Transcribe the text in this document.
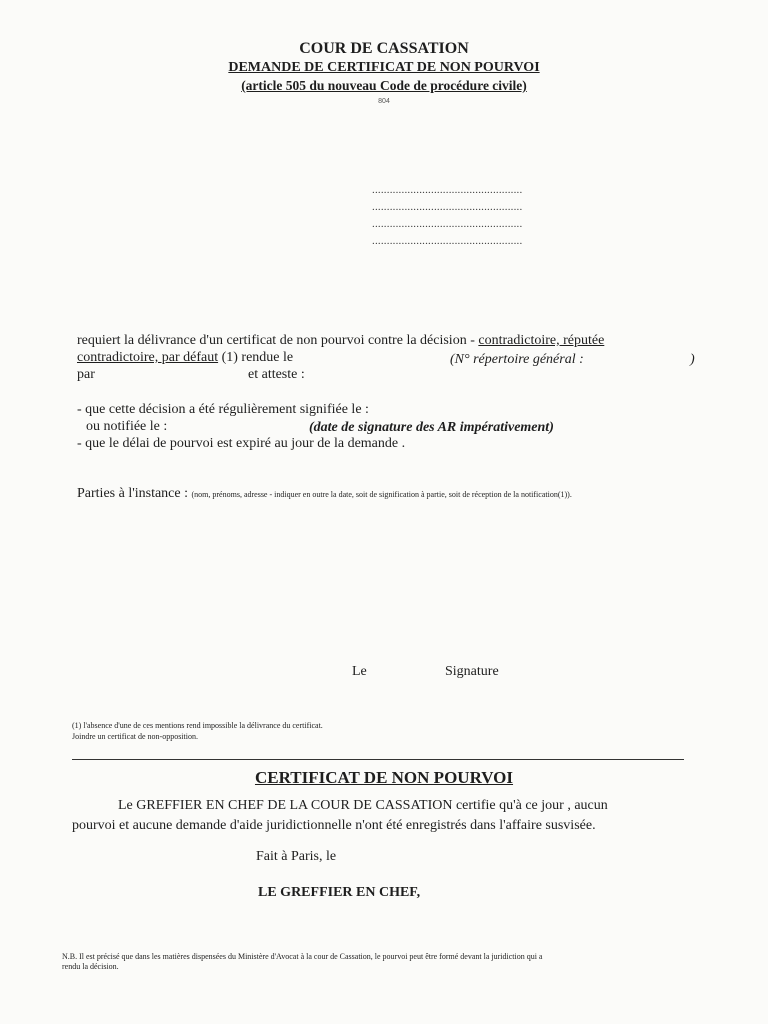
COUR DE CASSATION
DEMANDE DE CERTIFICAT DE NON POURVOI
(article 505 du nouveau Code de procédure civile)
804
...................................................
...................................................
...................................................
...................................................
requiert la délivrance d'un certificat de non pourvoi contre la décision - contradictoire, réputée
contradictoire, par défaut (1) rendue le	(N° répertoire général :	)
par	et atteste :
- que cette décision a été régulièrement signifiée le :
ou notifiée le :	(date de signature des AR impérativement)
- que le délai de pourvoi est expiré au jour de la demande .
Parties à l'instance : (nom, prénoms, adresse - indiquer en outre la date, soit de signification à partie, soit de réception de la notification(1)).
Le	Signature
(1) l'absence d'une de ces mentions rend impossible la délivrance du certificat.
Joindre un certificat de non-opposition.
CERTIFICAT DE NON POURVOI
Le GREFFIER EN CHEF DE LA COUR DE CASSATION certifie qu'à ce jour , aucun
pourvoi et aucune demande d'aide juridictionnelle n'ont été enregistrés dans l'affaire susvisée.
Fait à Paris, le
LE GREFFIER EN CHEF,
N.B. Il est précisé que dans les matières dispensées du Ministère d'Avocat à la cour de Cassation, le pourvoi peut être formé devant la juridiction qui a
rendu la décision.
